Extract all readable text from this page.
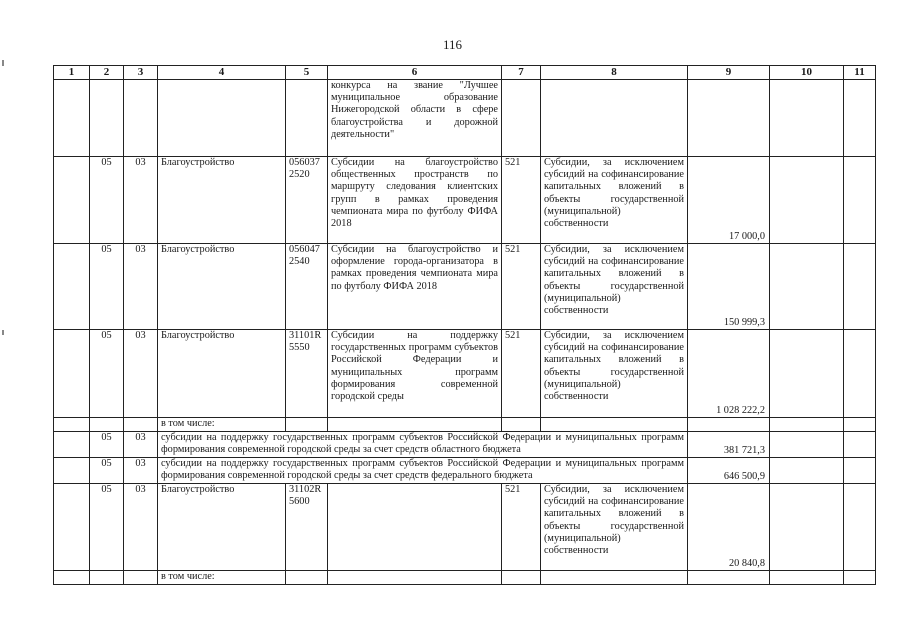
116
1	2	3	4	5	6	7	8	9	10	11
					конкурса на звание "Лучшее муниципальное образование Нижегородской области в сфере благоустройства и дорожной деятельности"					
	05	03	Благоустройство	056037 2520	Субсидии на благоустройство общественных пространств по маршруту следования клиентских групп в рамках проведения чемпионата мира по футболу ФИФА 2018	521	Субсидии, за исключением субсидий на софинансирование капитальных вложений в объекты государственной (муниципальной) собственности	17 000,0		
	05	03	Благоустройство	056047 2540	Субсидии на благоустройство и оформление города-организатора в рамках проведения чемпионата мира по футболу ФИФА 2018	521	Субсидии, за исключением субсидий на софинансирование капитальных вложений в объекты государственной (муниципальной) собственности	150 999,3		
	05	03	Благоустройство	31101R 5550	Субсидии на поддержку государственных программ субъектов Российской Федерации и муниципальных программ формирования современной городской среды	521	Субсидии, за исключением субсидий на софинансирование капитальных вложений в объекты государственной (муниципальной) собственности	1 028 222,2		
			в том числе:							
	05	03	субсидии на поддержку государственных программ субъектов Российской Федерации и муниципальных программ формирования современной городской среды за счет средств областного бюджета					381 721,3		
	05	03	субсидии на поддержку государственных программ субъектов Российской Федерации и муниципальных программ формирования современной городской среды за счет средств федерального бюджета					646 500,9		
	05	03	Благоустройство	31102R 5600		521	Субсидии, за исключением субсидий на софинансирование капитальных вложений в объекты государственной (муниципальной) собственности	20 840,8		
			в том числе:							
